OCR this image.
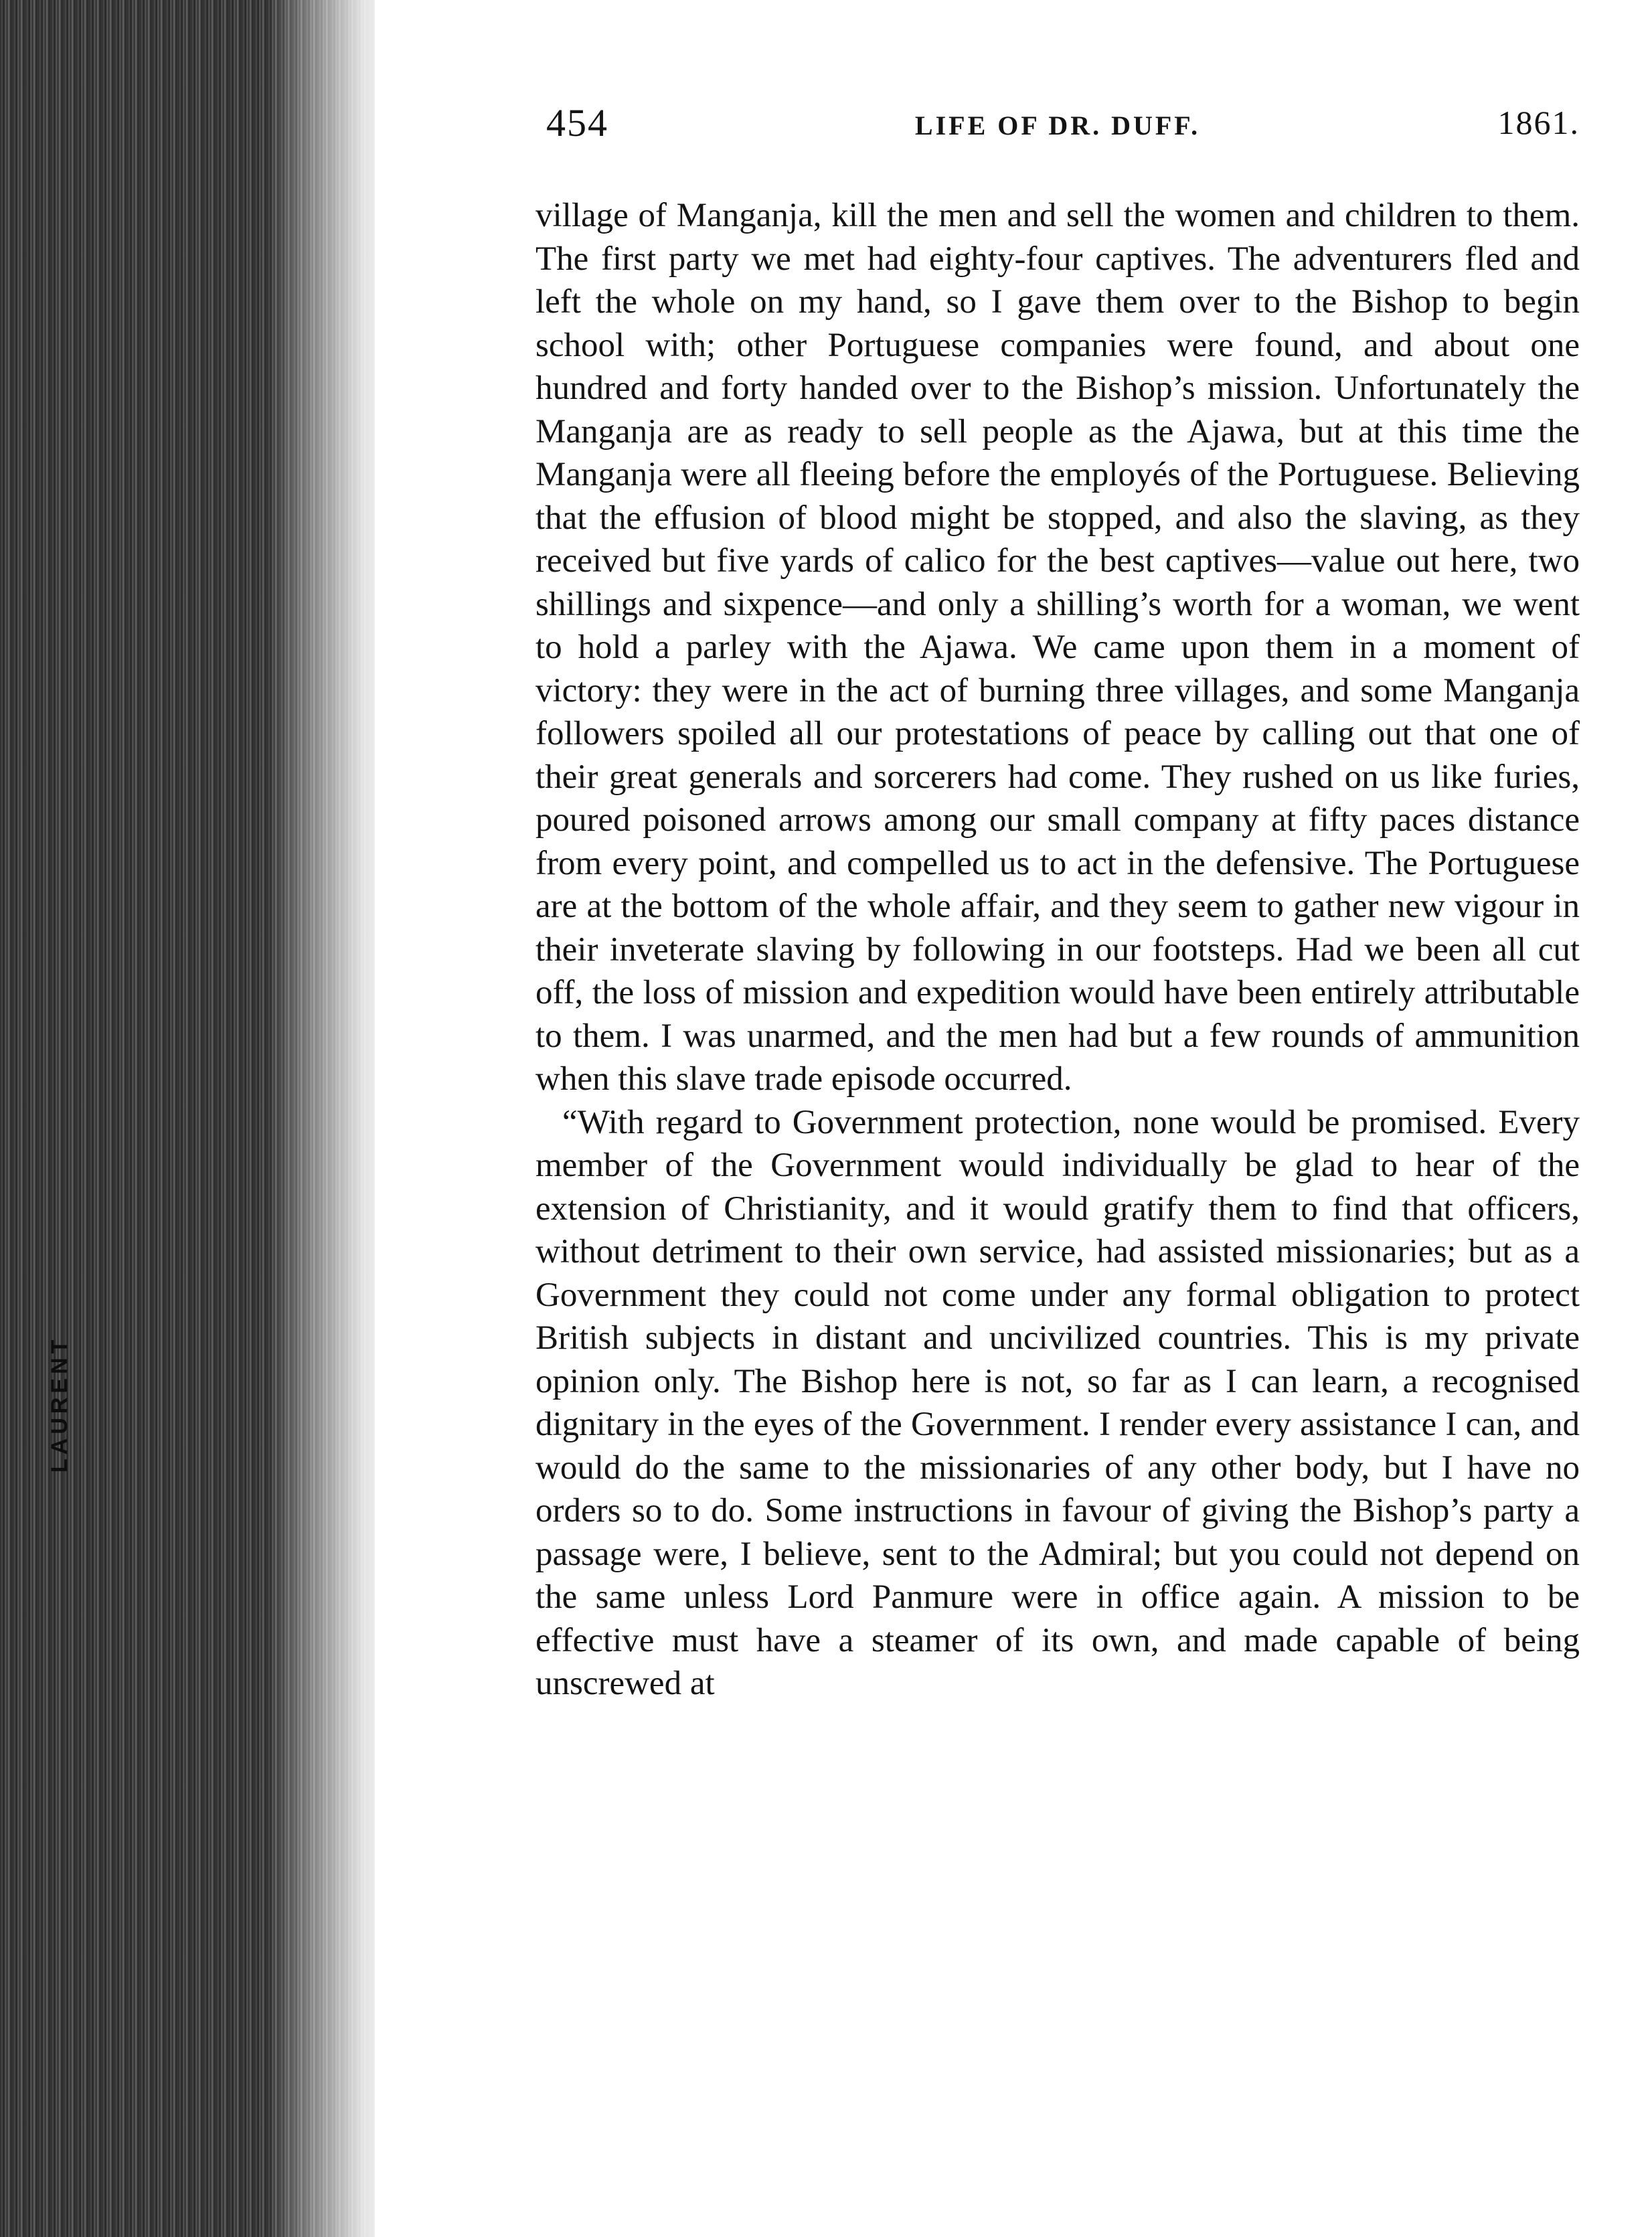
LAURENT
454	LIFE OF DR. DUFF.	1861.

village of Manganja, kill the men and sell the women and children to them. The first party we met had eighty-four captives. The adventurers fled and left the whole on my hand, so I gave them over to the Bishop to begin school with; other Portuguese companies were found, and about one hundred and forty handed over to the Bishop’s mission. Unfortunately the Manganja are as ready to sell people as the Ajawa, but at this time the Manganja were all fleeing before the employés of the Portuguese. Believing that the effusion of blood might be stopped, and also the slaving, as they received but five yards of calico for the best captives—value out here, two shillings and sixpence—and only a shilling’s worth for a woman, we went to hold a parley with the Ajawa. We came upon them in a moment of victory: they were in the act of burning three villages, and some Manganja followers spoiled all our protestations of peace by calling out that one of their great generals and sorcerers had come. They rushed on us like furies, poured poisoned arrows among our small company at fifty paces distance from every point, and compelled us to act in the defensive. The Portuguese are at the bottom of the whole affair, and they seem to gather new vigour in their inveterate slaving by following in our footsteps. Had we been all cut off, the loss of mission and expedition would have been entirely attributable to them. I was unarmed, and the men had but a few rounds of ammunition when this slave trade episode occurred.

“With regard to Government protection, none would be promised. Every member of the Government would individually be glad to hear of the extension of Christianity, and it would gratify them to find that officers, without detriment to their own service, had assisted missionaries; but as a Government they could not come under any formal obligation to protect British subjects in distant and uncivilized countries. This is my private opinion only. The Bishop here is not, so far as I can learn, a recognised dignitary in the eyes of the Government. I render every assistance I can, and would do the same to the missionaries of any other body, but I have no orders so to do. Some instructions in favour of giving the Bishop’s party a passage were, I believe, sent to the Admiral; but you could not depend on the same unless Lord Panmure were in office again. A mission to be effective must have a steamer of its own, and made capable of being unscrewed at
